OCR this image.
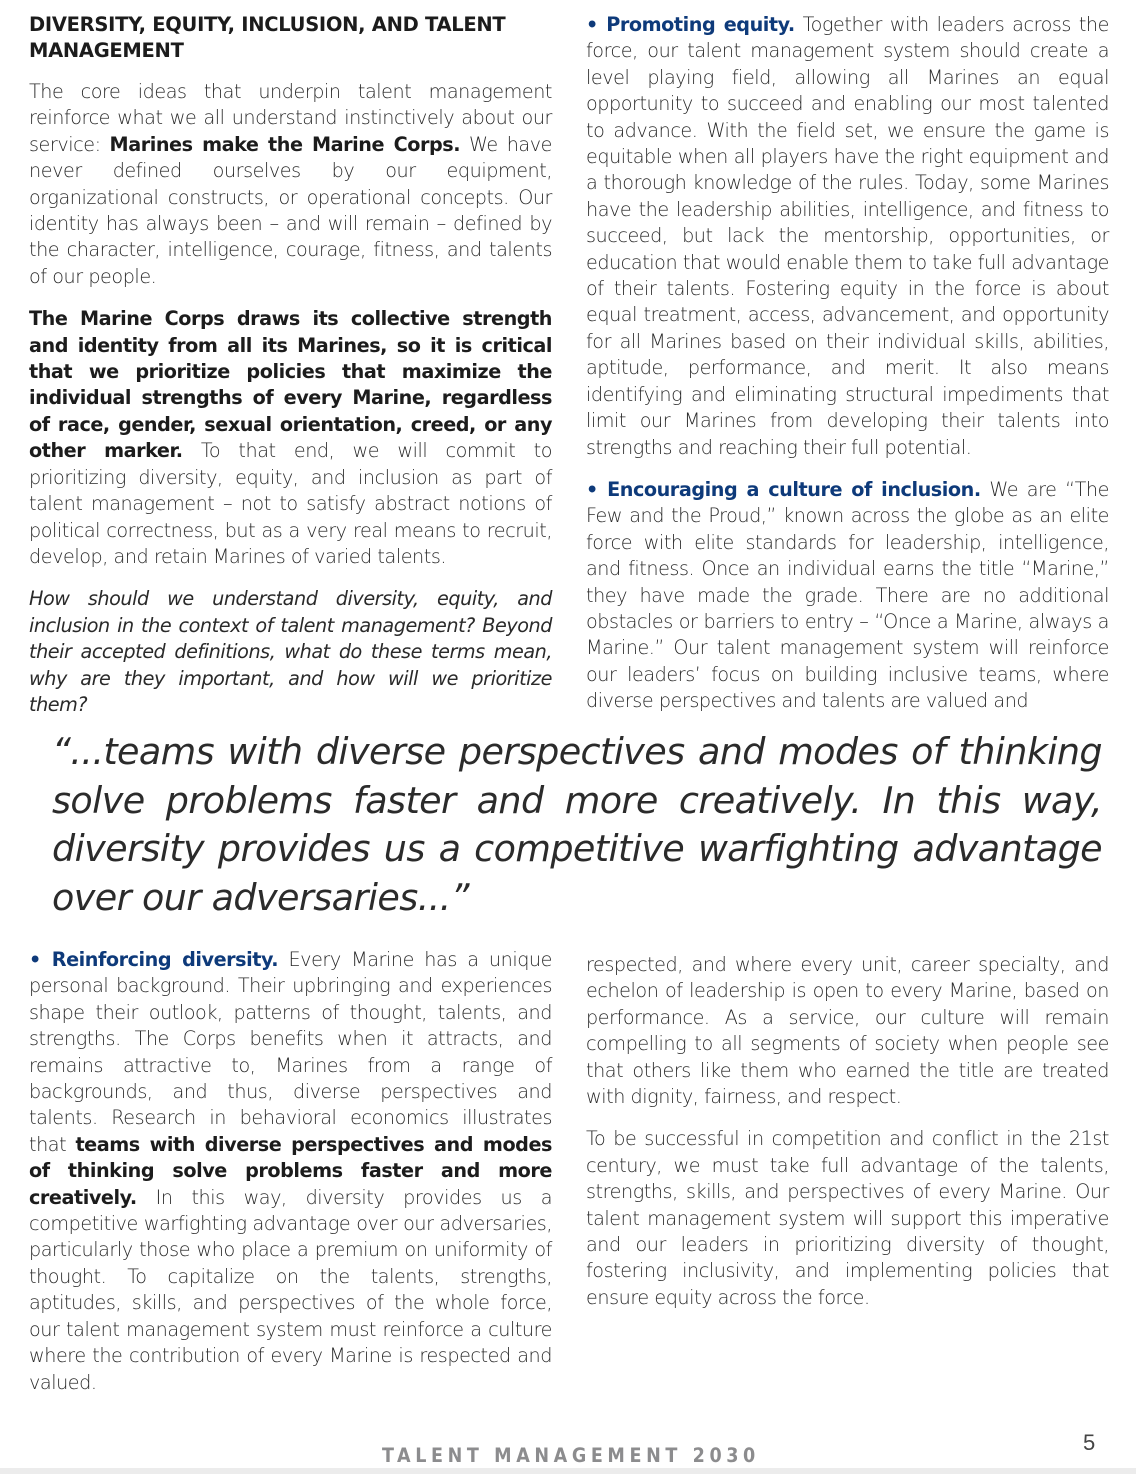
DIVERSITY, EQUITY, INCLUSION, AND TALENT MANAGEMENT

The core ideas that underpin talent management reinforce what we all understand instinctively about our service: Marines make the Marine Corps. We have never defined ourselves by our equipment, organizational constructs, or operational concepts. Our identity has always been – and will remain – defined by the character, intelligence, courage, fitness, and talents of our people.

The Marine Corps draws its collective strength and identity from all its Marines, so it is critical that we prioritize policies that maximize the individual strengths of every Marine, regardless of race, gender, sexual orientation, creed, or any other marker. To that end, we will commit to prioritizing diversity, equity, and inclusion as part of talent management – not to satisfy abstract notions of political correctness, but as a very real means to recruit, develop, and retain Marines of varied talents.

How should we understand diversity, equity, and inclusion in the context of talent management? Beyond their accepted definitions, what do these terms mean, why are they important, and how will we prioritize them?

• Promoting equity. Together with leaders across the force, our talent management system should create a level playing field, allowing all Marines an equal opportunity to succeed and enabling our most talented to advance. With the field set, we ensure the game is equitable when all players have the right equipment and a thorough knowledge of the rules. Today, some Marines have the leadership abilities, intelligence, and fitness to succeed, but lack the mentorship, opportunities, or education that would enable them to take full advantage of their talents. Fostering equity in the force is about equal treatment, access, advancement, and opportunity for all Marines based on their individual skills, abilities, aptitude, performance, and merit. It also means identifying and eliminating structural impediments that limit our Marines from developing their talents into strengths and reaching their full potential.

• Encouraging a culture of inclusion. We are “The Few and the Proud,” known across the globe as an elite force with elite standards for leadership, intelligence, and fitness. Once an individual earns the title “Marine,” they have made the grade. There are no additional obstacles or barriers to entry – “Once a Marine, always a Marine.” Our talent management system will reinforce our leaders’ focus on building inclusive teams, where diverse perspectives and talents are valued and

“...teams with diverse perspectives and modes of thinking solve problems faster and more creatively. In this way, diversity provides us a competitive warfighting advantage over our adversaries...”

• Reinforcing diversity. Every Marine has a unique personal background. Their upbringing and experiences shape their outlook, patterns of thought, talents, and strengths. The Corps benefits when it attracts, and remains attractive to, Marines from a range of backgrounds, and thus, diverse perspectives and talents. Research in behavioral economics illustrates that teams with diverse perspectives and modes of thinking solve problems faster and more creatively. In this way, diversity provides us a competitive warfighting advantage over our adversaries, particularly those who place a premium on uniformity of thought. To capitalize on the talents, strengths, aptitudes, skills, and perspectives of the whole force, our talent management system must reinforce a culture where the contribution of every Marine is respected and valued.

respected, and where every unit, career specialty, and echelon of leadership is open to every Marine, based on performance. As a service, our culture will remain compelling to all segments of society when people see that others like them who earned the title are treated with dignity, fairness, and respect.

To be successful in competition and conflict in the 21st century, we must take full advantage of the talents, strengths, skills, and perspectives of every Marine. Our talent management system will support this imperative and our leaders in prioritizing diversity of thought, fostering inclusivity, and implementing policies that ensure equity across the force.

TALENT MANAGEMENT 2030
5
